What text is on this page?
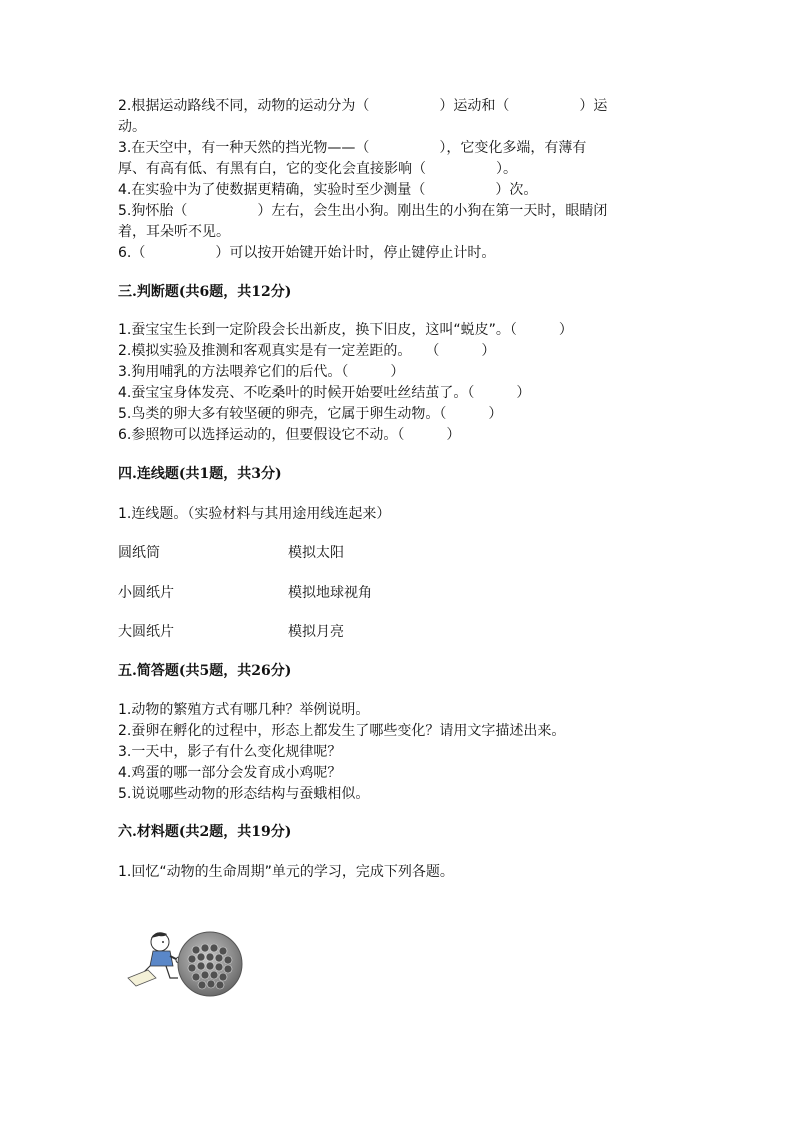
2.根据运动路线不同，动物的运动分为（　　　　　）运动和（　　　　　）运
动。
3.在天空中，有一种天然的挡光物——（　　　　　），它变化多端，有薄有
厚、有高有低、有黑有白，它的变化会直接影响（　　　　　）。
4.在实验中为了使数据更精确，实验时至少测量（　　　　　）次。
5.狗怀胎（　　　　　）左右，会生出小狗。刚出生的小狗在第一天时，眼睛闭
着，耳朵听不见。
6.（　　　　　）可以按开始键开始计时，停止键停止计时。
三.判断题(共6题，共12分)
1.蚕宝宝生长到一定阶段会长出新皮，换下旧皮，这叫“蜕皮”。（　　　）
2.模拟实验及推测和客观真实是有一定差距的。　　（　　　）
3.狗用哺乳的方法喂养它们的后代。（　　　）
4.蚕宝宝身体发亮、不吃桑叶的时候开始要吐丝结茧了。（　　　）
5.鸟类的卵大多有较坚硬的卵壳，它属于卵生动物。（　　　）
6.参照物可以选择运动的，但要假设它不动。（　　　）
四.连线题(共1题，共3分)
1.连线题。（实验材料与其用途用线连起来）
圆纸筒	模拟太阳
小圆纸片	模拟地球视角
大圆纸片	模拟月亮
五.简答题(共5题，共26分)
1.动物的繁殖方式有哪几种？举例说明。
2.蚕卵在孵化的过程中，形态上都发生了哪些变化？请用文字描述出来。
3.一天中，影子有什么变化规律呢？
4.鸡蛋的哪一部分会发育成小鸡呢？
5.说说哪些动物的形态结构与蚕蛾相似。
六.材料题(共2题，共19分)
1.回忆“动物的生命周期”单元的学习，完成下列各题。
